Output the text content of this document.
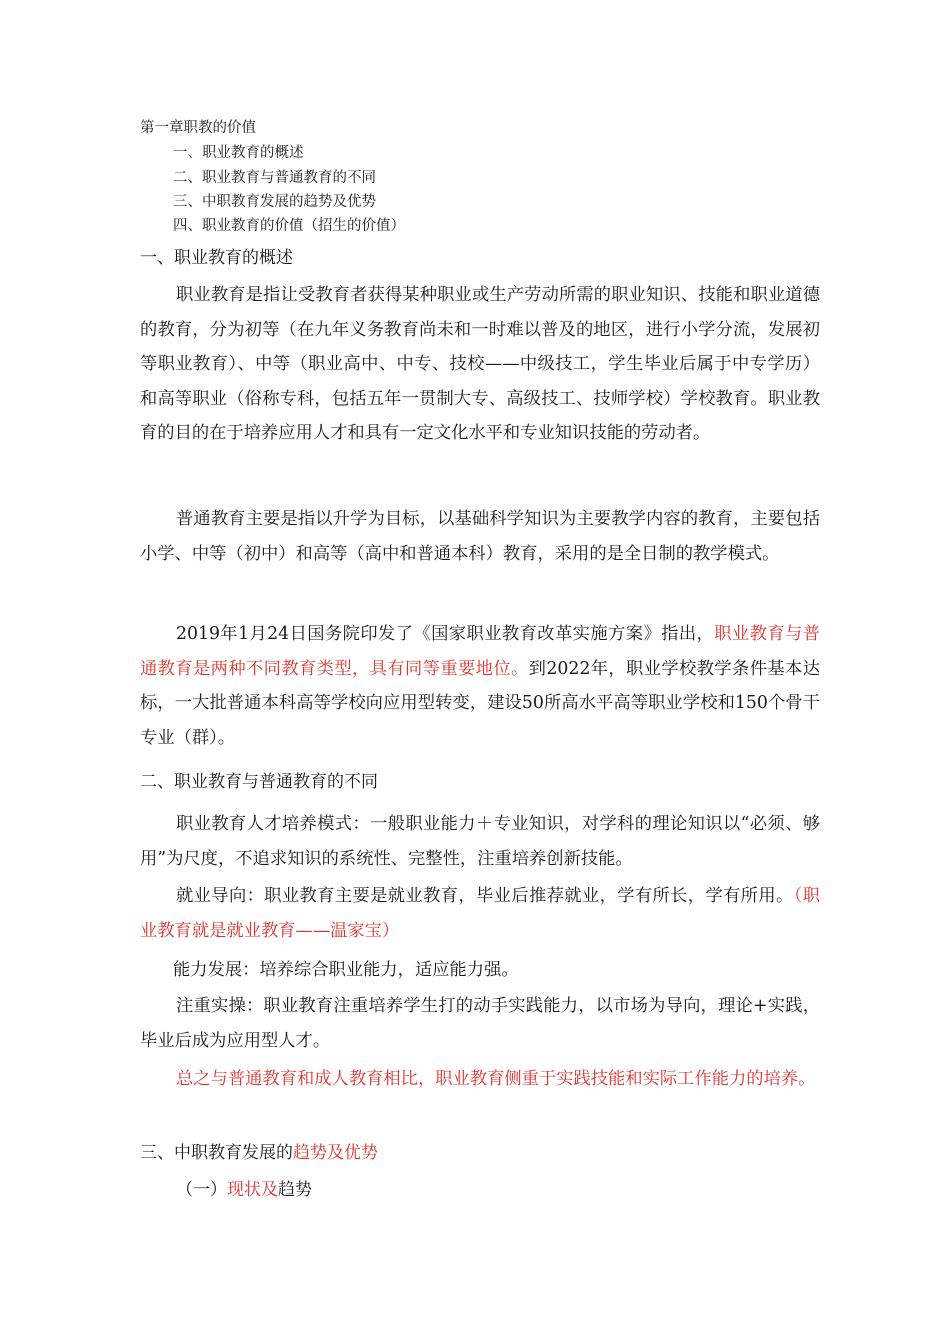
第一章职教的价值
一、职业教育的概述
二、职业教育与普通教育的不同
三、中职教育发展的趋势及优势
四、职业教育的价值（招生的价值）
一、职业教育的概述
职业教育是指让受教育者获得某种职业或生产劳动所需的职业知识、技能和职业道德的教育，分为初等（在九年义务教育尚未和一时难以普及的地区，进行小学分流，发展初等职业教育）、中等（职业高中、中专、技校——中级技工，学生毕业后属于中专学历）和高等职业（俗称专科，包括五年一贯制大专、高级技工、技师学校）学校教育。职业教育的目的在于培养应用人才和具有一定文化水平和专业知识技能的劳动者。
普通教育主要是指以升学为目标，以基础科学知识为主要教学内容的教育，主要包括小学、中等（初中）和高等（高中和普通本科）教育，采用的是全日制的教学模式。
2019年1月24日国务院印发了《国家职业教育改革实施方案》指出，职业教育与普通教育是两种不同教育类型，具有同等重要地位。到2022年，职业学校教学条件基本达标，一大批普通本科高等学校向应用型转变，建设50所高水平高等职业学校和150个骨干专业（群）。
二、职业教育与普通教育的不同
职业教育人才培养模式：一般职业能力＋专业知识，对学科的理论知识以“必须、够用”为尺度，不追求知识的系统性、完整性，注重培养创新技能。
就业导向：职业教育主要是就业教育，毕业后推荐就业，学有所长，学有所用。（职业教育就是就业教育——温家宝）
能力发展：培养综合职业能力，适应能力强。
注重实操：职业教育注重培养学生打的动手实践能力，以市场为导向，理论+实践，毕业后成为应用型人才。
总之与普通教育和成人教育相比，职业教育侧重于实践技能和实际工作能力的培养。
三、中职教育发展的趋势及优势
（一）现状及趋势
